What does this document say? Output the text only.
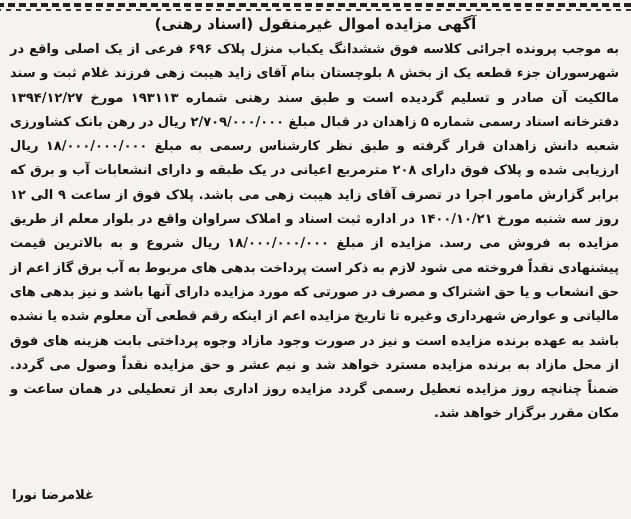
آگهی مزایده اموال غیرمنقول (اسناد رهنی)

به موجب پرونده اجرائی کلاسه فوق ششدانگ یکباب منزل پلاک ۶۹۶ فرعی از یک اصلی واقع در شهرسوران جزء قطعه یک از بخش ۸ بلوچستان بنام آقای زاید هیبت زهی فرزند غلام ثبت و سند مالکیت آن صادر و تسلیم گردیده است و طبق سند رهنی شماره ۱۹۳۱۱۳ مورخ ۱۳۹۴/۱۲/۲۷ دفترخانه اسناد رسمی شماره ۵ زاهدان در قبال مبلغ ۲/۷۰۹/۰۰۰/۰۰۰ ریال در رهن بانک کشاورزی شعبه دانش زاهدان قرار گرفته و طبق نظر کارشناس رسمی به مبلغ ۱۸/۰۰۰/۰۰۰/۰۰۰ ریال ارزیابی شده و پلاک فوق دارای ۲۰۸ مترمربع اعیانی در یک طبقه و دارای انشعابات آب و برق که برابر گزارش مامور اجرا در تصرف آقای زاید هیبت زهی می باشد. پلاک فوق از ساعت ۹ الی ۱۲ روز سه شنبه مورخ ۱۴۰۰/۱۰/۲۱ در اداره ثبت اسناد و املاک سراوان واقع در بلوار معلم از طریق مزایده به فروش می رسد. مزایده از مبلغ ۱۸/۰۰۰/۰۰۰/۰۰۰ ریال شروع و به بالاترین قیمت پیشنهادی نقداً فروخته می شود لازم به ذکر است پرداخت بدهی های مربوط به آب برق گاز اعم از حق انشعاب و یا حق اشتراک و مصرف در صورتی که مورد مزایده دارای آنها باشد و نیز بدهی های مالیاتی و عوارض شهرداری وغیره تا تاریخ مزایده اعم از اینکه رقم قطعی آن معلوم شده یا نشده باشد به عهده برنده مزایده است و نیز در صورت وجود مازاد وجوه پرداختی بابت هزینه های فوق از محل مازاد به برنده مزایده مسترد خواهد شد و نیم عشر و حق مزایده نقداً وصول می گردد. ضمناً چنانچه روز مزایده تعطیل رسمی گردد مزایده روز اداری بعد از تعطیلی در همان ساعت و مکان مقرر برگزار خواهد شد.

غلامرضا نورا
